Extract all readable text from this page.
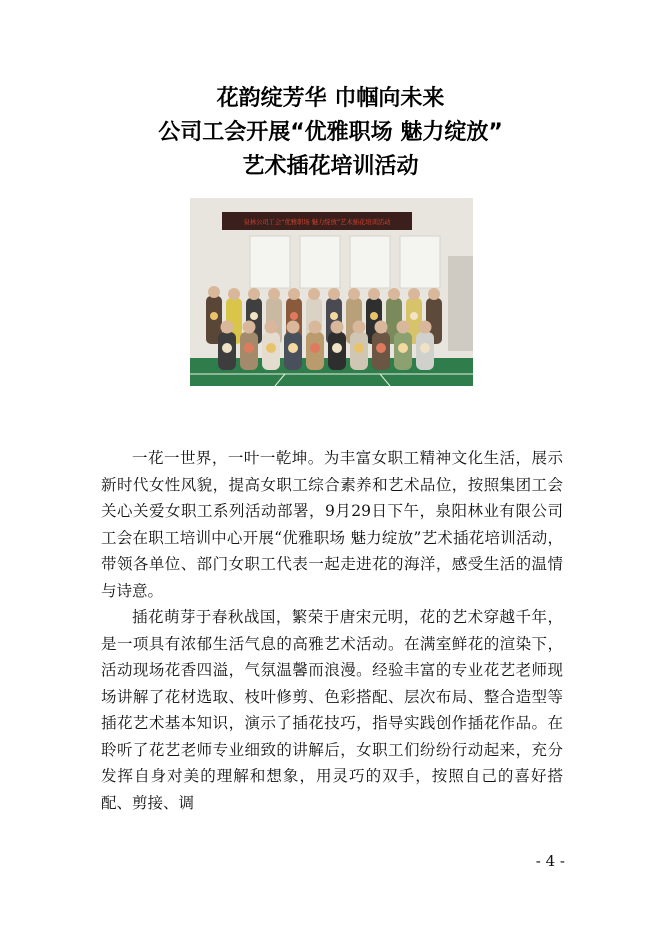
花韵绽芳华 巾帼向未来
公司工会开展“优雅职场 魅力绽放”
艺术插花培训活动
泉林公司工会“优雅职场 魅力绽放”艺术插花培训活动

一花一世界，一叶一乾坤。为丰富女职工精神文化生活，展示新时代女性风貌，提高女职工综合素养和艺术品位，按照集团工会关心关爱女职工系列活动部署，9月29日下午，泉阳林业有限公司工会在职工培训中心开展“优雅职场 魅力绽放”艺术插花培训活动，带领各单位、部门女职工代表一起走进花的海洋，感受生活的温情与诗意。

插花萌芽于春秋战国，繁荣于唐宋元明，花的艺术穿越千年，是一项具有浓郁生活气息的高雅艺术活动。在满室鲜花的渲染下，活动现场花香四溢，气氛温馨而浪漫。经验丰富的专业花艺老师现场讲解了花材选取、枝叶修剪、色彩搭配、层次布局、整合造型等插花艺术基本知识，演示了插花技巧，指导实践创作插花作品。在聆听了花艺老师专业细致的讲解后，女职工们纷纷行动起来，充分发挥自身对美的理解和想象，用灵巧的双手，按照自己的喜好搭配、剪接、调

- 4 -
